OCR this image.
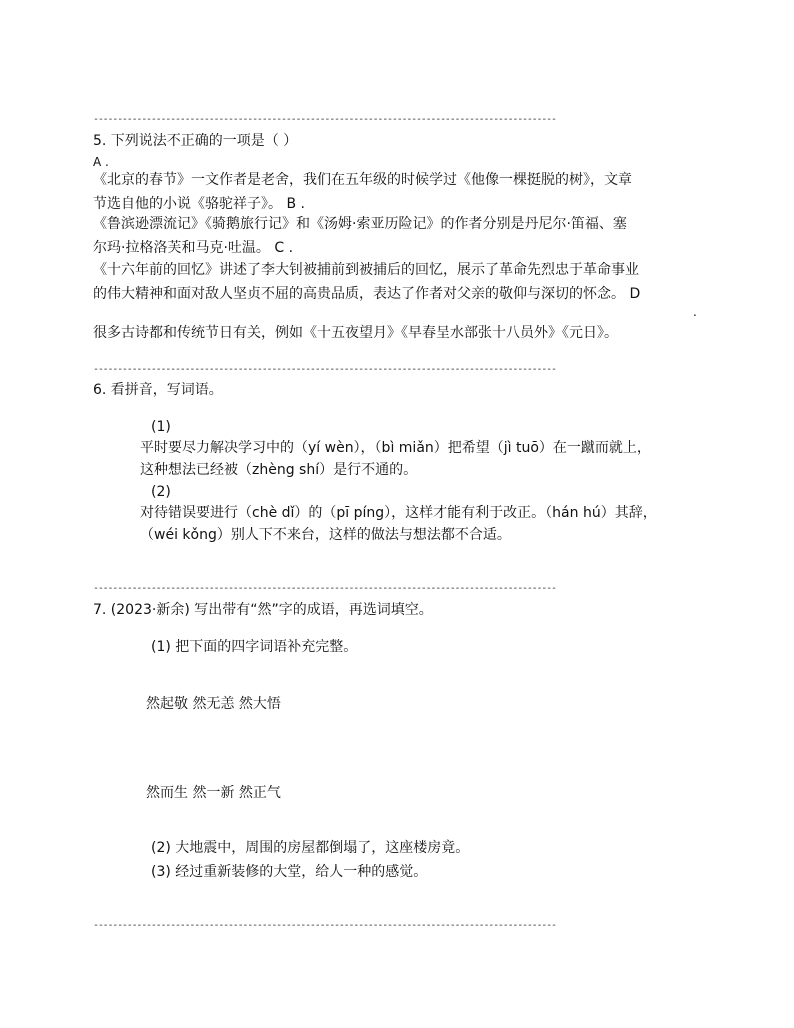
------------------------------------------------------------------------------------------------
5. 下列说法不正确的一项是（ ）
A .
《北京的春节》一文作者是老舍，我们在五年级的时候学过《他像一棵挺脱的树》，文章
节选自他的小说《骆驼祥子》。 B .
《鲁滨逊漂流记》《骑鹅旅行记》和《汤姆·索亚历险记》的作者分别是丹尼尔·笛福、塞
尔玛·拉格洛芙和马克·吐温。 C .
《十六年前的回忆》讲述了李大钊被捕前到被捕后的回忆，展示了革命先烈忠于革命事业
的伟大精神和面对敌人坚贞不屈的高贵品质，表达了作者对父亲的敬仰与深切的怀念。 D
.
很多古诗都和传统节日有关，例如《十五夜望月》《早春呈水部张十八员外》《元日》。
------------------------------------------------------------------------------------------------
6. 看拼音，写词语。
(1)
平时要尽力解决学习中的（yí wèn），（bì miǎn）把希望（jì tuō）在一蹴而就上，
这种想法已经被（zhèng shí）是行不通的。
(2)
对待错误要进行（chè dǐ）的（pī píng），这样才能有利于改正。（hán hú）其辞，
（wéi kǒng）别人下不来台，这样的做法与想法都不合适。
------------------------------------------------------------------------------------------------
7. (2023·新余) 写出带有“然”字的成语，再选词填空。
(1) 把下面的四字词语补充完整。
然起敬 然无恙 然大悟
然而生 然一新 然正气
(2) 大地震中，周围的房屋都倒塌了，这座楼房竟。
(3) 经过重新装修的大堂，给人一种的感觉。
------------------------------------------------------------------------------------------------
